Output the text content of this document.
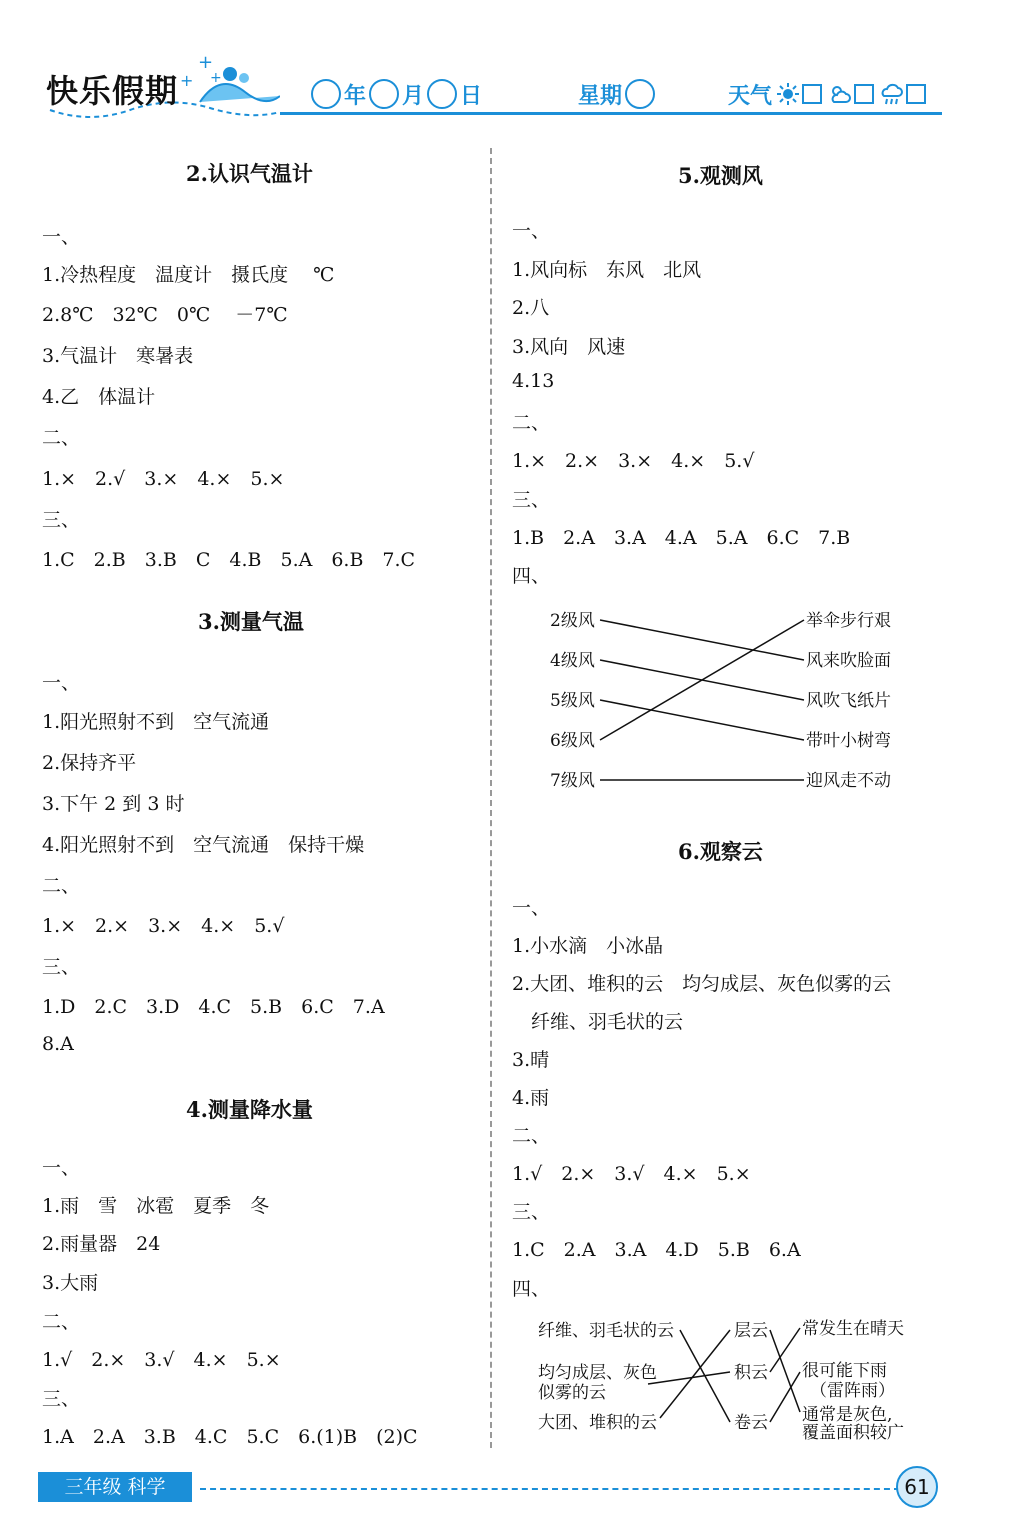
+
+ +
快乐假期	年 月 日	星期	天气
2.认识气温计
一、
1.冷热程度　温度计　摄氏度　 ℃
2.8℃　32℃　0℃　 －7℃
3.气温计　寒暑表
4.乙　体温计
二、
1.×　2.√　3.×　4.×　5.×
三、
1.C　2.B　3.B　C　4.B　5.A　6.B　7.C
3.测量气温
一、
1.阳光照射不到　空气流通
2.保持齐平
3.下午 2 到 3 时
4.阳光照射不到　空气流通　保持干燥
二、
1.×　2.×　3.×　4.×　5.√
三、
1.D　2.C　3.D　4.C　5.B　6.C　7.A
8.A
4.测量降水量
一、
1.雨　雪　冰雹　夏季　冬
2.雨量器　24
3.大雨
二、
1.√　2.×　3.√　4.×　5.×
三、
1.A　2.A　3.B　4.C　5.C　6.(1)B　(2)C
5.观测风
一、
1.风向标　东风　北风
2.八
3.风向　风速
4.13
二、
1.×　2.×　3.×　4.×　5.√
三、
1.B　2.A　3.A　4.A　5.A　6.C　7.B
四、
2级风
4级风
5级风
6级风
7级风
举伞步行艰
风来吹脸面
风吹飞纸片
带叶小树弯
迎风走不动
6.观察云
一、
1.小水滴　小冰晶
2.大团、堆积的云　均匀成层、灰色似雾的云
　纤维、羽毛状的云
3.晴
4.雨
二、
1.√　2.×　3.√　4.×　5.×
三、
1.C　2.A　3.A　4.D　5.B　6.A
四、
纤维、羽毛状的云
均匀成层、灰色
似雾的云
大团、堆积的云
层云
积云
卷云
常发生在晴天
很可能下雨
（雷阵雨）
通常是灰色,
覆盖面积较广
三年级 科学	61
